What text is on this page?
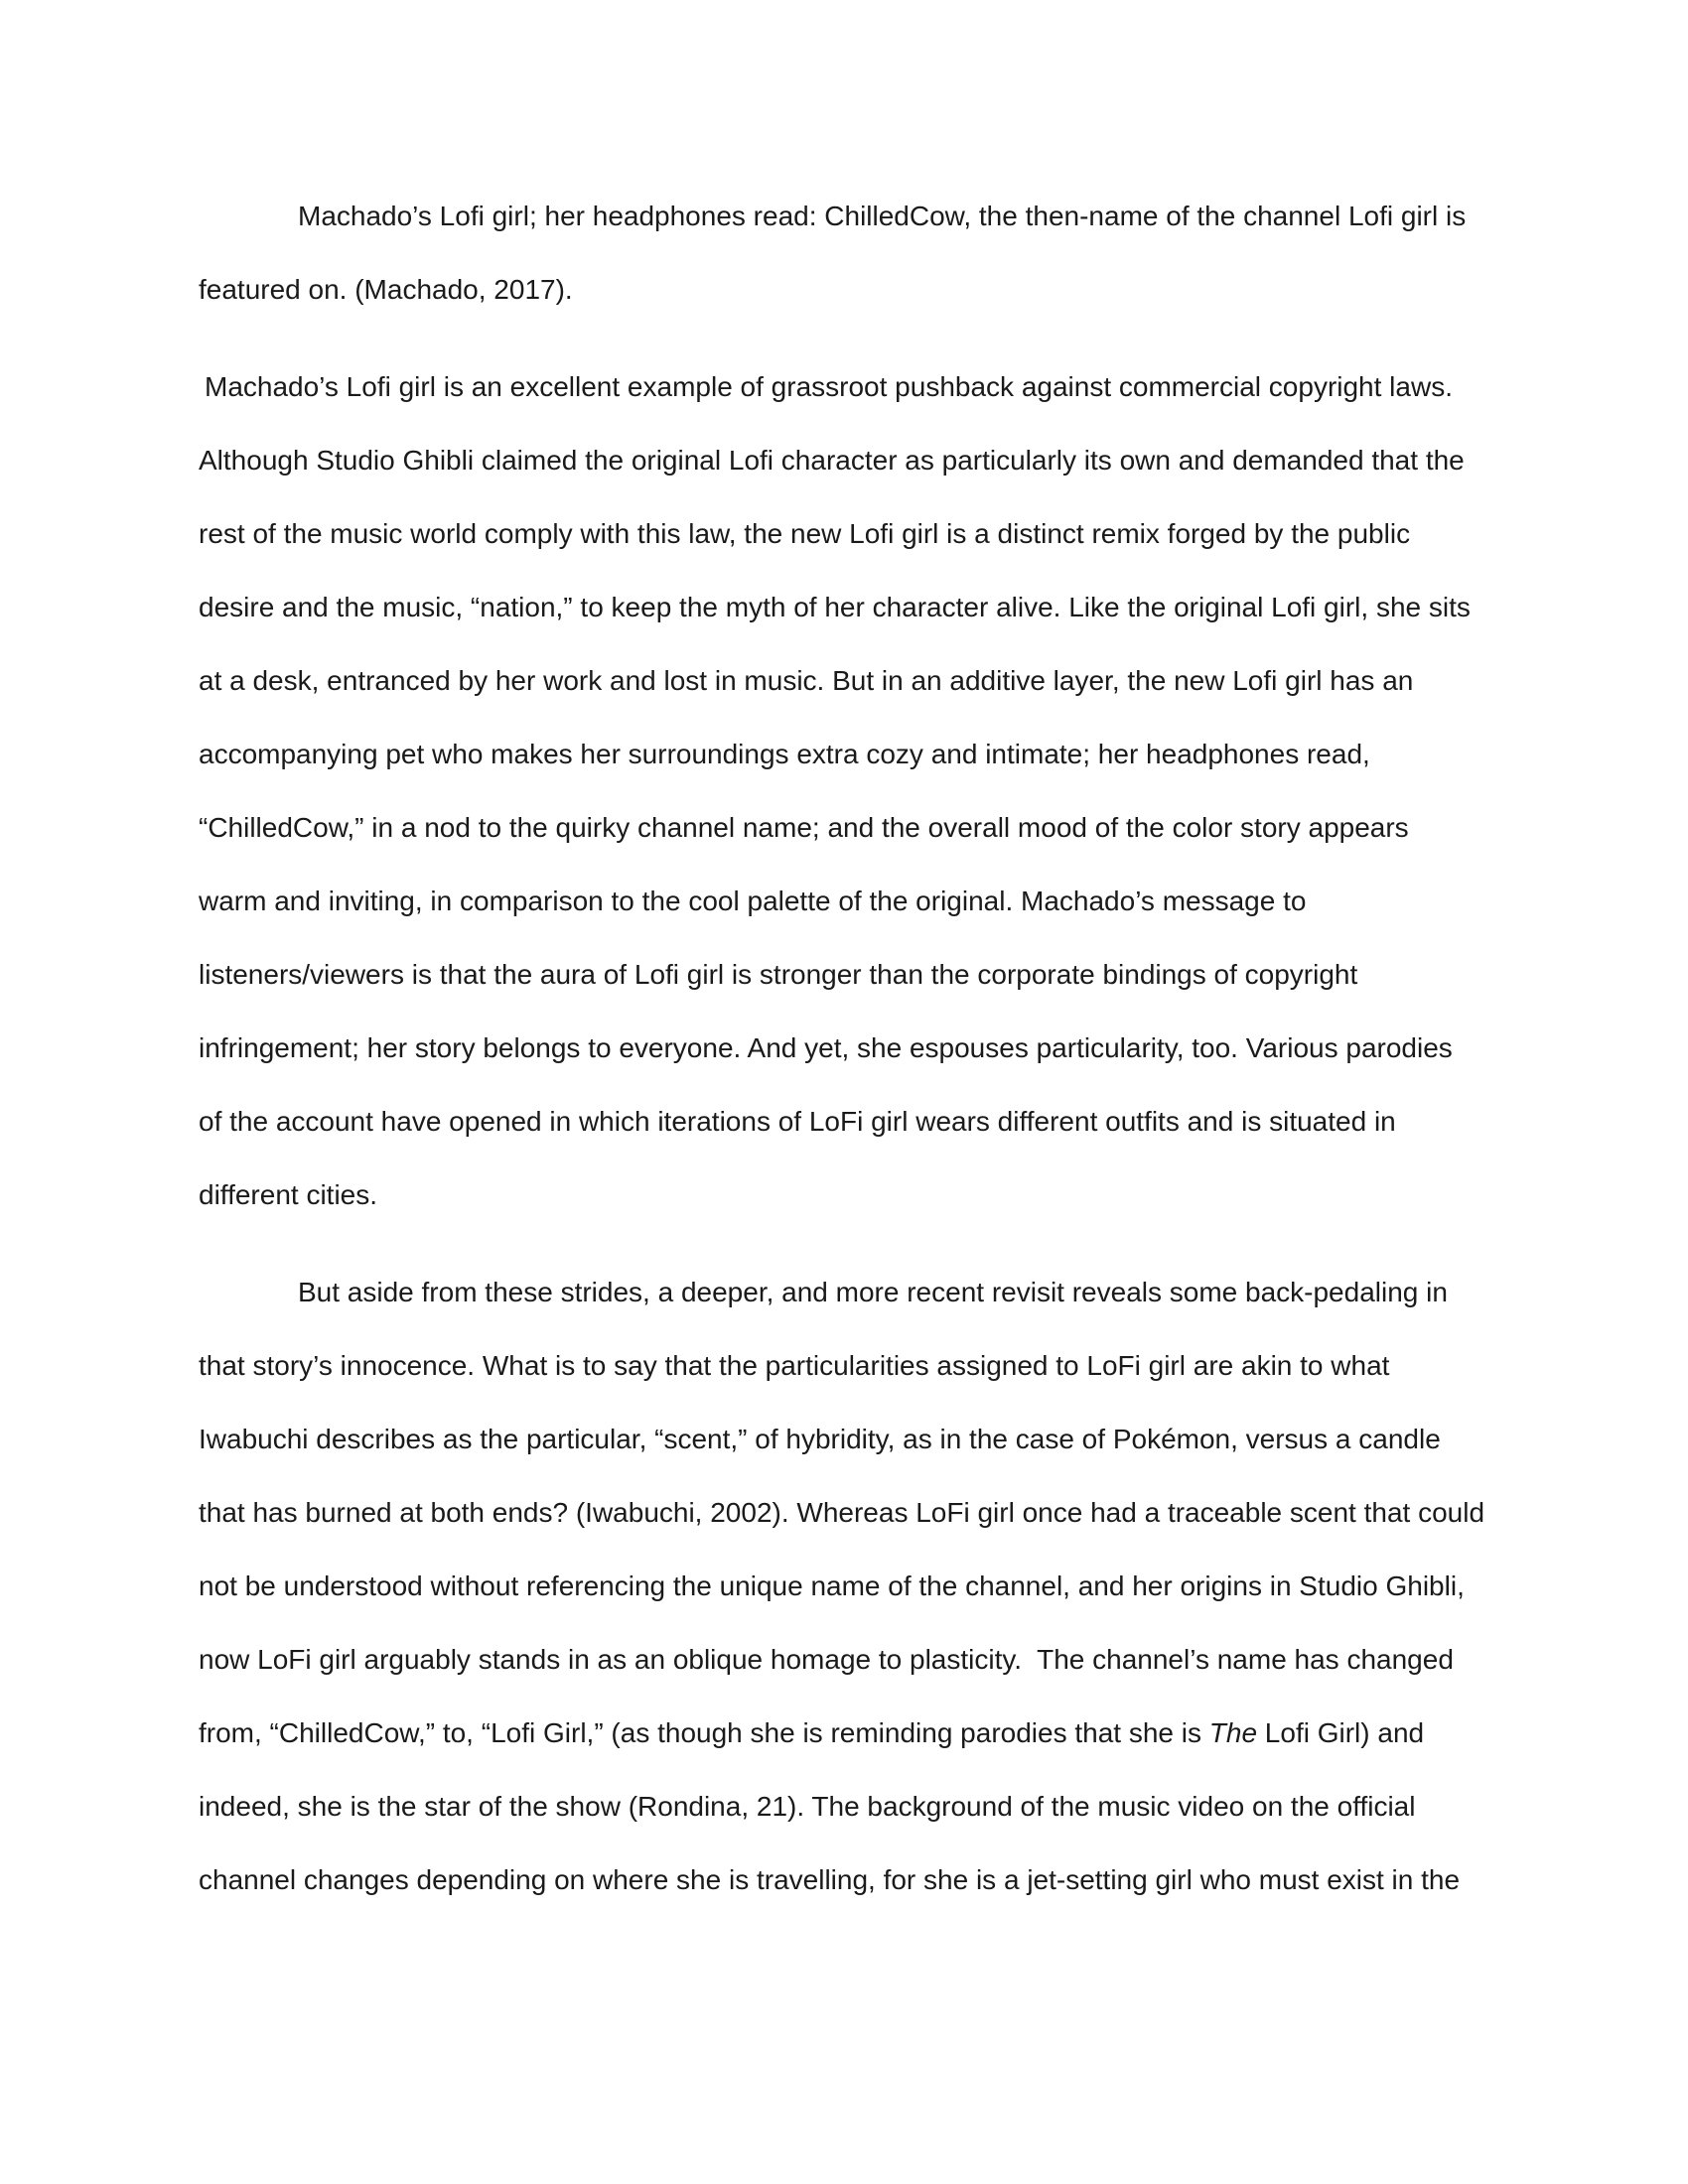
Machado’s Lofi girl; her headphones read: ChilledCow, the then-name of the channel Lofi girl is
featured on. (Machado, 2017).
Machado’s Lofi girl is an excellent example of grassroot pushback against commercial copyright laws.
Although Studio Ghibli claimed the original Lofi character as particularly its own and demanded that the
rest of the music world comply with this law, the new Lofi girl is a distinct remix forged by the public
desire and the music, “nation,” to keep the myth of her character alive. Like the original Lofi girl, she sits
at a desk, entranced by her work and lost in music. But in an additive layer, the new Lofi girl has an
accompanying pet who makes her surroundings extra cozy and intimate; her headphones read,
“ChilledCow,” in a nod to the quirky channel name; and the overall mood of the color story appears
warm and inviting, in comparison to the cool palette of the original. Machado’s message to
listeners/viewers is that the aura of Lofi girl is stronger than the corporate bindings of copyright
infringement; her story belongs to everyone. And yet, she espouses particularity, too. Various parodies
of the account have opened in which iterations of LoFi girl wears different outfits and is situated in
different cities.
But aside from these strides, a deeper, and more recent revisit reveals some back-pedaling in
that story’s innocence. What is to say that the particularities assigned to LoFi girl are akin to what
Iwabuchi describes as the particular, “scent,” of hybridity, as in the case of Pokémon, versus a candle
that has burned at both ends? (Iwabuchi, 2002). Whereas LoFi girl once had a traceable scent that could
not be understood without referencing the unique name of the channel, and her origins in Studio Ghibli,
now LoFi girl arguably stands in as an oblique homage to plasticity.  The channel’s name has changed
from, “ChilledCow,” to, “Lofi Girl,” (as though she is reminding parodies that she is The Lofi Girl) and
indeed, she is the star of the show (Rondina, 21). The background of the music video on the official
channel changes depending on where she is travelling, for she is a jet-setting girl who must exist in the
